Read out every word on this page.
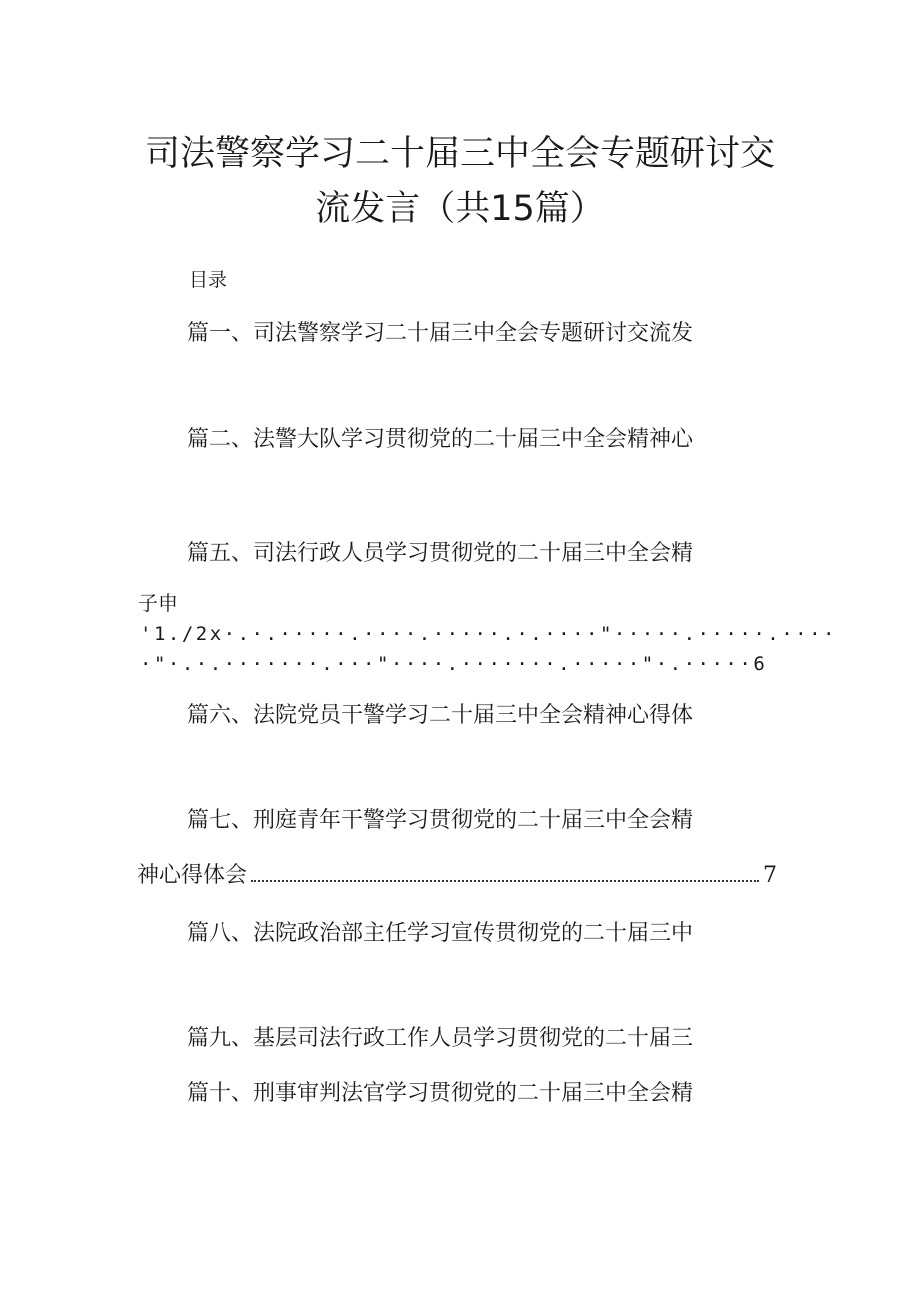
司法警察学习二十届三中全会专题研讨交
流发言（共15篇）
目录
篇一、司法警察学习二十届三中全会专题研讨交流发
篇二、法警大队学习贯彻党的二十届三中全会精神心
篇五、司法行政人员学习贯彻党的二十届三中全会精
子申
'1./2x·.·.·····.····.·····.·.····"·····.·····.····
·"·.·.·······.···"····.·······.·····"·.·····6
篇六、法院党员干警学习二十届三中全会精神心得体
篇七、刑庭青年干警学习贯彻党的二十届三中全会精
神心得体会	7
篇八、法院政治部主任学习宣传贯彻党的二十届三中
篇九、基层司法行政工作人员学习贯彻党的二十届三
篇十、刑事审判法官学习贯彻党的二十届三中全会精
